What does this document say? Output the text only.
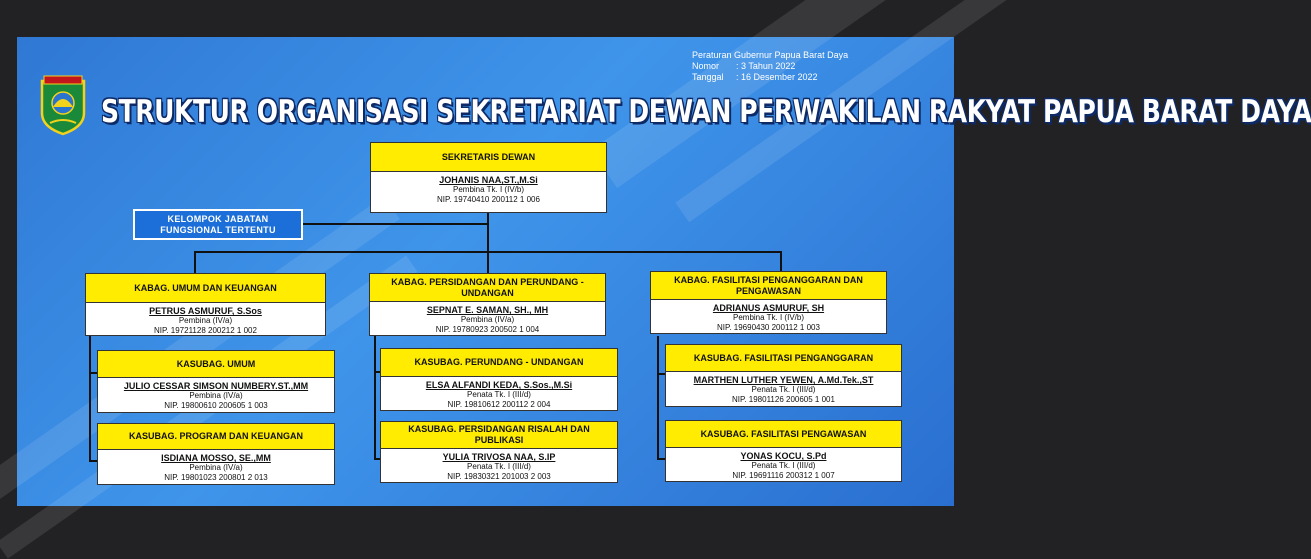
STRUKTUR ORGANISASI SEKRETARIAT DEWAN PERWAKILAN RAKYAT PAPUA BARAT DAYA
Peraturan Gubernur Papua Barat Daya
Nomor : 3 Tahun 2022
Tanggal : 16 Desember 2022
KELOMPOK JABATAN FUNGSIONAL TERTENTU
SEKRETARIS DEWAN
JOHANIS NAA,ST.,M.Si
Pembina Tk. I (IV/b)
NIP. 19740410 200112 1 006
KABAG. UMUM DAN KEUANGAN
PETRUS ASMURUF, S.Sos
Pembina (IV/a)
NIP. 19721128 200212 1 002
KASUBAG. UMUM
JULIO CESSAR SIMSON NUMBERY.ST.,MM
Pembina (IV/a)
NIP. 19800610 200605 1 003
KASUBAG. PROGRAM DAN KEUANGAN
ISDIANA MOSSO, SE.,MM
Pembina (IV/a)
NIP. 19801023 200801 2 013
KABAG. PERSIDANGAN DAN PERUNDANG - UNDANGAN
SEPNAT E. SAMAN, SH., MH
Pembina (IV/a)
NIP. 19780923 200502 1 004
KASUBAG. PERUNDANG - UNDANGAN
ELSA ALFANDI KEDA, S.Sos.,M.Si
Penata Tk. I (III/d)
NIP. 19810612 200112 2 004
KASUBAG. PERSIDANGAN RISALAH DAN PUBLIKASI
YULIA TRIVOSA NAA, S.IP
Penata Tk. I (III/d)
NIP. 19830321 201003 2 003
KABAG. FASILITASI PENGANGGARAN DAN PENGAWASAN
ADRIANUS ASMURUF, SH
Pembina Tk. I (IV/b)
NIP. 19690430 200112 1 003
KASUBAG. FASILITASI PENGANGGARAN
MARTHEN LUTHER YEWEN, A.Md.Tek.,ST
Penata Tk. I (III/d)
NIP. 19801126 200605 1 001
KASUBAG. FASILITASI PENGAWASAN
YONAS KOCU, S.Pd
Penata Tk. I (III/d)
NIP. 19691116 200312 1 007
